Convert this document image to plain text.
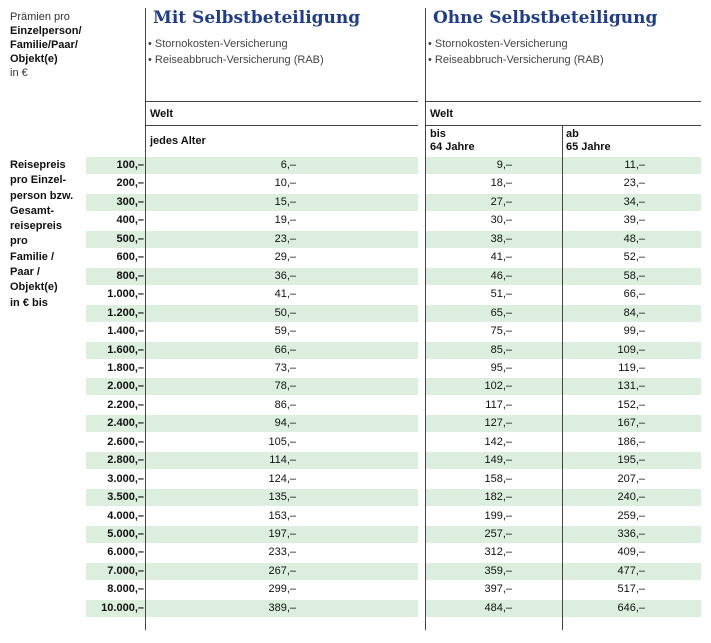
Prämien pro
Einzelperson/
Familie/Paar/
Objekt(e)
in €
Mit Selbstbeteiligung
• Stornokosten-Versicherung
• Reiseabbruch-Versicherung (RAB)
Welt
jedes Alter
Ohne Selbstbeteiligung
• Stornokosten-Versicherung
• Reiseabbruch-Versicherung (RAB)
Welt
bis
64 Jahre
ab
65 Jahre
Reisepreis
pro Einzel-
person bzw.
Gesamt-
reisepreis
pro
Familie /
Paar /
Objekt(e)
in € bis
100,–	6,–	9,–	11,–
200,–	10,–	18,–	23,–
300,–	15,–	27,–	34,–
400,–	19,–	30,–	39,–
500,–	23,–	38,–	48,–
600,–	29,–	41,–	52,–
800,–	36,–	46,–	58,–
1.000,–	41,–	51,–	66,–
1.200,–	50,–	65,–	84,–
1.400,–	59,–	75,–	99,–
1.600,–	66,–	85,–	109,–
1.800,–	73,–	95,–	119,–
2.000,–	78,–	102,–	131,–
2.200,–	86,–	117,–	152,–
2.400,–	94,–	127,–	167,–
2.600,–	105,–	142,–	186,–
2.800,–	114,–	149,–	195,–
3.000,–	124,–	158,–	207,–
3.500,–	135,–	182,–	240,–
4.000,–	153,–	199,–	259,–
5.000,–	197,–	257,–	336,–
6.000,–	233,–	312,–	409,–
7.000,–	267,–	359,–	477,–
8.000,–	299,–	397,–	517,–
10.000,–	389,–	484,–	646,–
